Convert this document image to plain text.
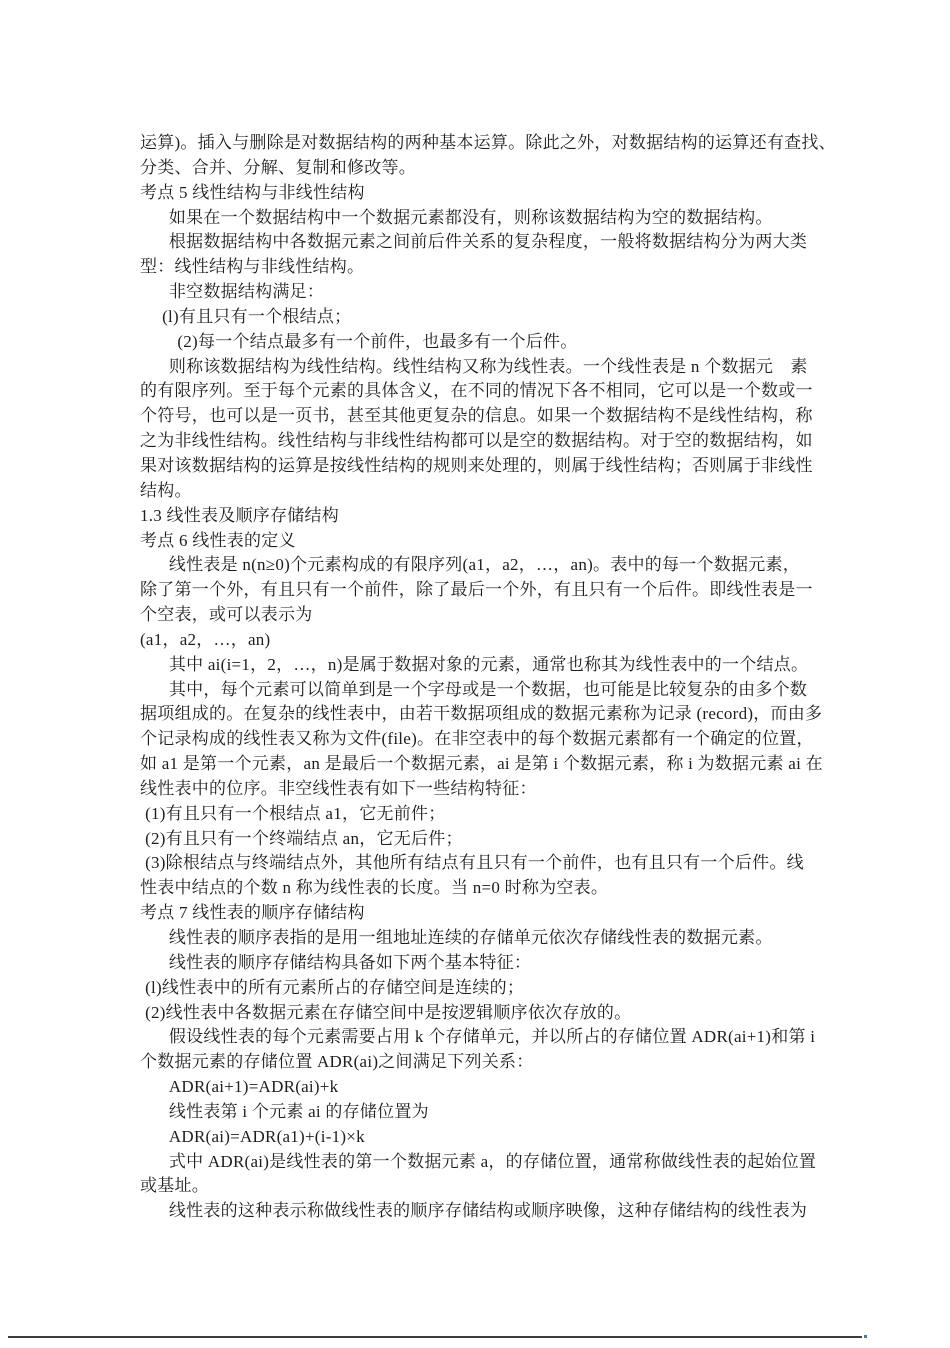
运算)。插入与删除是对数据结构的两种基本运算。除此之外，对数据结构的运算还有查找、
分类、合并、分解、复制和修改等。
考点 5 线性结构与非线性结构
如果在一个数据结构中一个数据元素都没有，则称该数据结构为空的数据结构。
根据数据结构中各数据元素之间前后件关系的复杂程度，一般将数据结构分为两大类
型：线性结构与非线性结构。
非空数据结构满足：
(l)有且只有一个根结点；
(2)每一个结点最多有一个前件，也最多有一个后件。
则称该数据结构为线性结构。线性结构又称为线性表。一个线性表是 n 个数据元　素
的有限序列。至于每个元素的具体含义，在不同的情况下各不相同，它可以是一个数或一
个符号，也可以是一页书，甚至其他更复杂的信息。如果一个数据结构不是线性结构，称
之为非线性结构。线性结构与非线性结构都可以是空的数据结构。对于空的数据结构，如
果对该数据结构的运算是按线性结构的规则来处理的，则属于线性结构；否则属于非线性
结构。
1.3 线性表及顺序存储结构
考点 6 线性表的定义
线性表是 n(n≥0)个元素构成的有限序列(a1，a2，…，an)。表中的每一个数据元素，
除了第一个外，有且只有一个前件，除了最后一个外，有且只有一个后件。即线性表是一
个空表，或可以表示为
(a1，a2，…，an)
其中 ai(i=1，2，…，n)是属于数据对象的元素，通常也称其为线性表中的一个结点。
其中，每个元素可以简单到是一个字母或是一个数据，也可能是比较复杂的由多个数
据项组成的。在复杂的线性表中，由若干数据项组成的数据元素称为记录 (record)，而由多
个记录构成的线性表又称为文件(file)。在非空表中的每个数据元素都有一个确定的位置，
如 a1 是第一个元素，an 是最后一个数据元素，ai 是第 i 个数据元素，称 i 为数据元素 ai 在
线性表中的位序。非空线性表有如下一些结构特征：
(1)有且只有一个根结点 a1，它无前件；
(2)有且只有一个终端结点 an，它无后件；
(3)除根结点与终端结点外，其他所有结点有且只有一个前件，也有且只有一个后件。线
性表中结点的个数 n 称为线性表的长度。当 n=0 时称为空表。
考点 7 线性表的顺序存储结构
线性表的顺序表指的是用一组地址连续的存储单元依次存储线性表的数据元素。
线性表的顺序存储结构具备如下两个基本特征：
(l)线性表中的所有元素所占的存储空间是连续的；
(2)线性表中各数据元素在存储空间中是按逻辑顺序依次存放的。
假设线性表的每个元素需要占用 k 个存储单元，并以所占的存储位置 ADR(ai+1)和第 i
个数据元素的存储位置 ADR(ai)之间满足下列关系：
ADR(ai+1)=ADR(ai)+k
线性表第 i 个元素 ai 的存储位置为
ADR(ai)=ADR(a1)+(i-1)×k
式中 ADR(ai)是线性表的第一个数据元素 a，的存储位置，通常称做线性表的起始位置
或基址。
线性表的这种表示称做线性表的顺序存储结构或顺序映像，这种存储结构的线性表为
